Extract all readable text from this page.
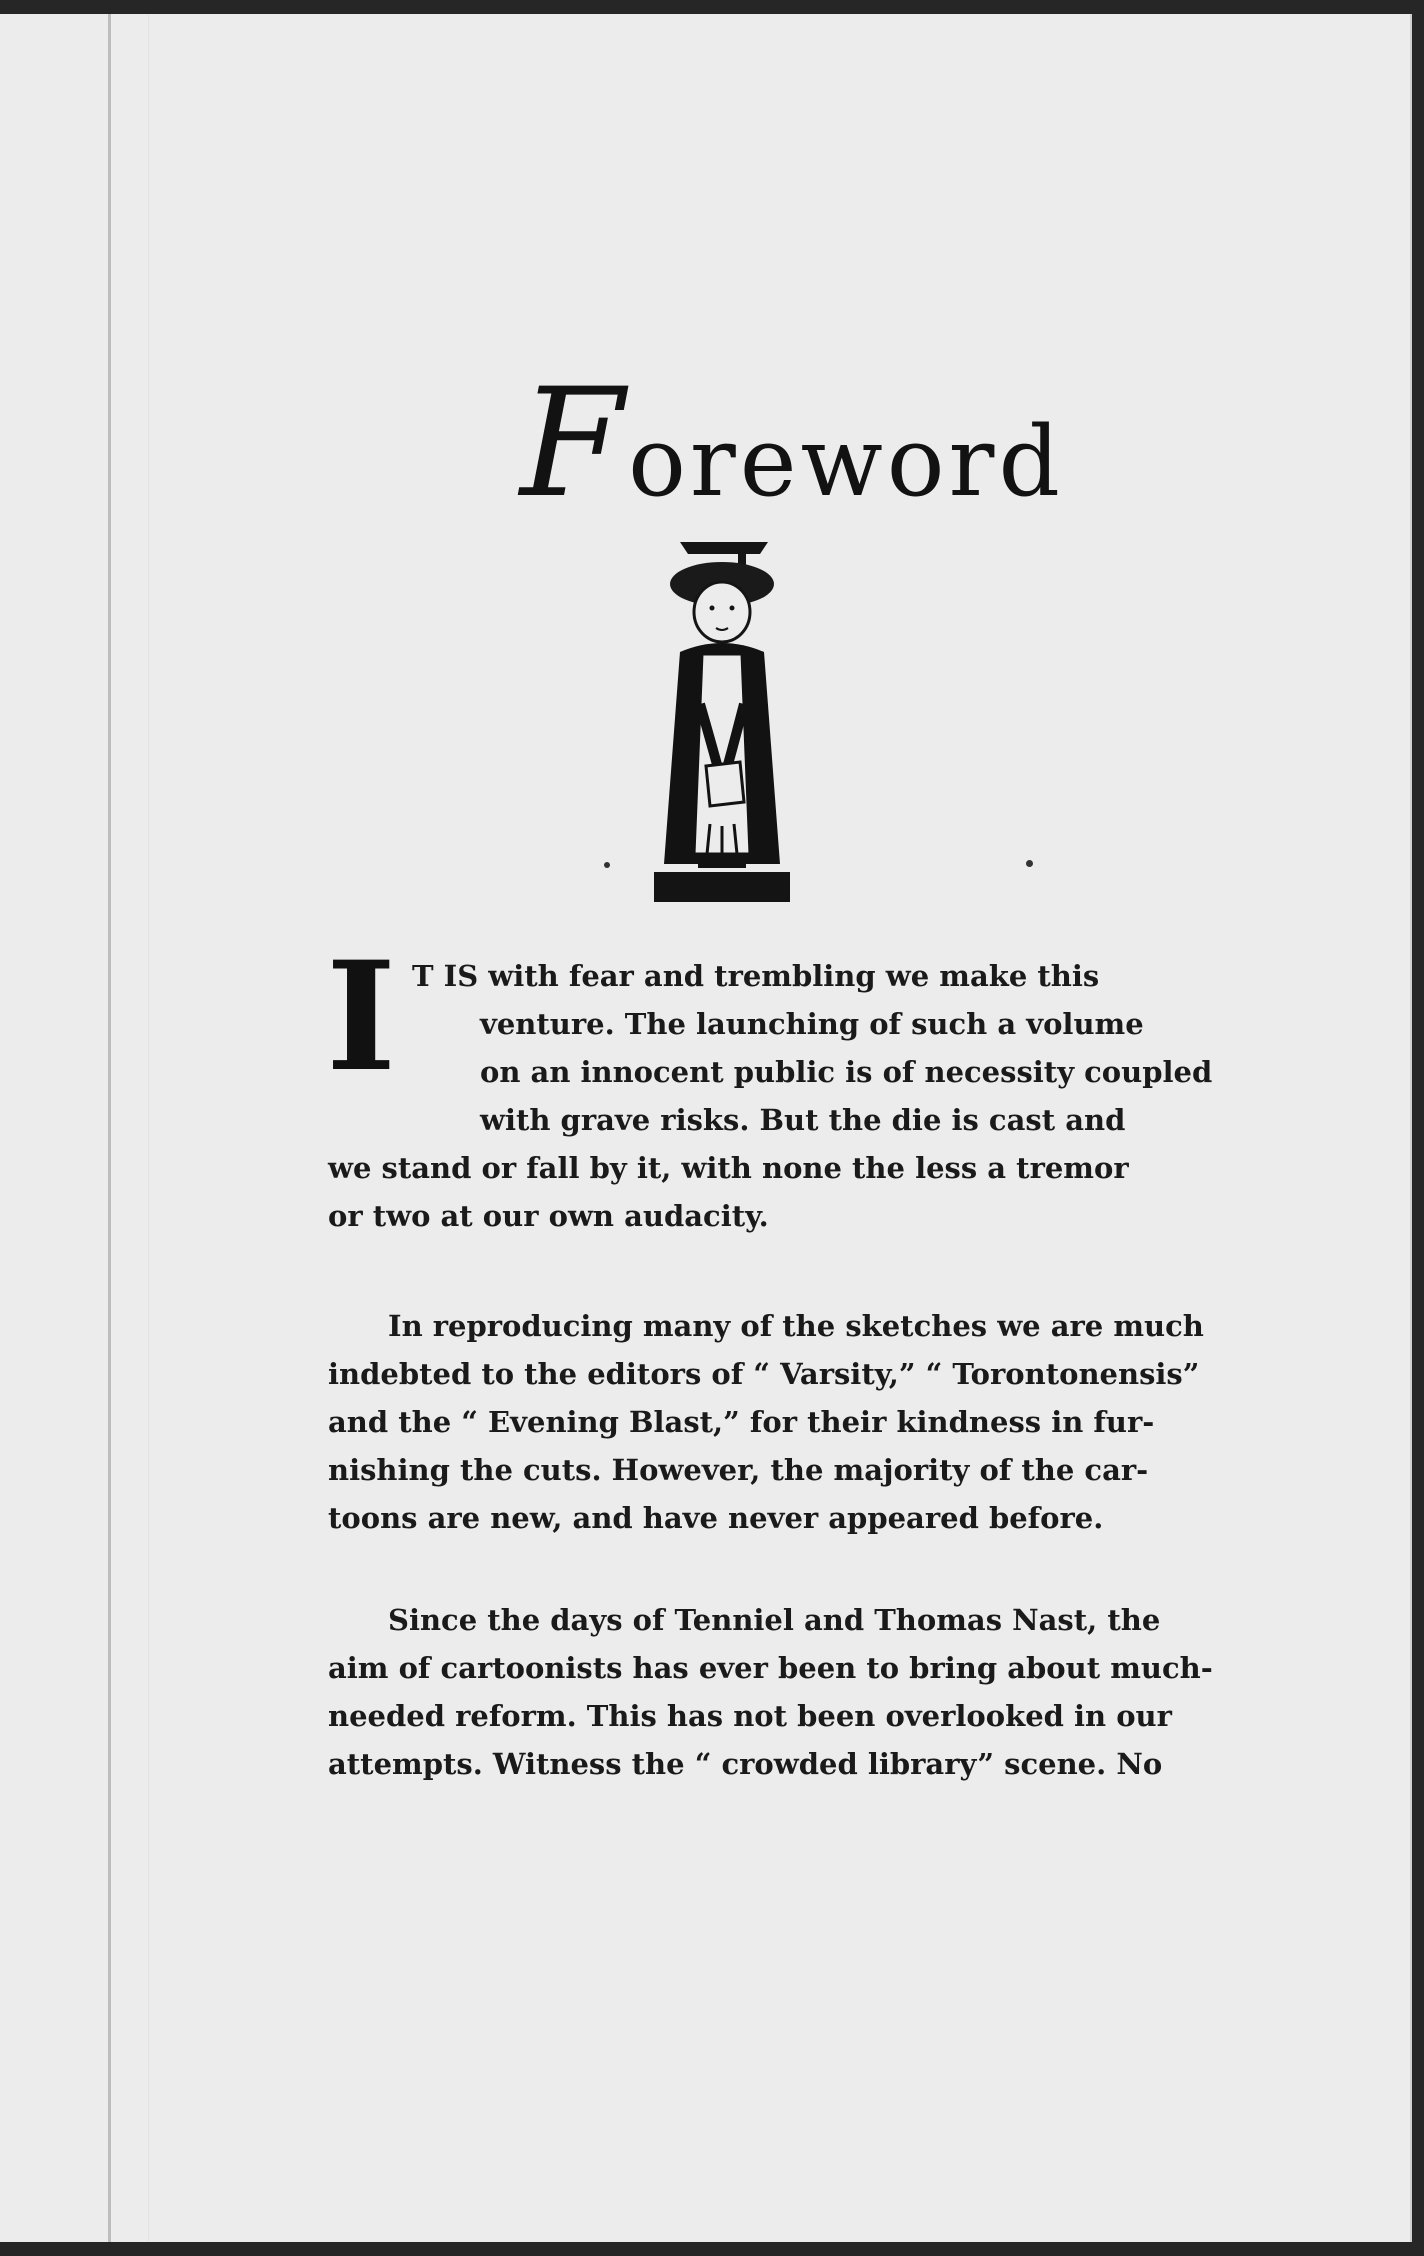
Foreword
I T IS with fear and trembling we make this
venture. The launching of such a volume
on an innocent public is of necessity coupled
with grave risks. But the die is cast and
we stand or fall by it, with none the less a tremor
or two at our own audacity.
In reproducing many of the sketches we are much
indebted to the editors of “ Varsity,” “ Torontonensis”
and the “ Evening Blast,” for their kindness in fur-
nishing the cuts. However, the majority of the car-
toons are new, and have never appeared before.
Since the days of Tenniel and Thomas Nast, the
aim of cartoonists has ever been to bring about much-
needed reform. This has not been overlooked in our
attempts. Witness the “ crowded library” scene. No
